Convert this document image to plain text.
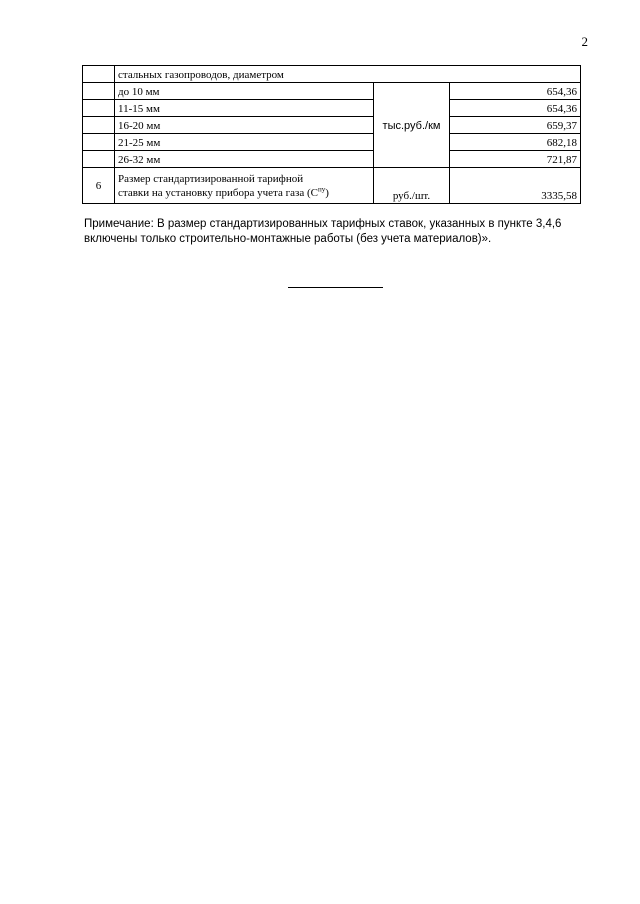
2
	стальных газопроводов, диаметром		
	до 10 мм	тыс.руб./км	654,36
	11-15 мм		654,36
	16-20 мм		659,37
	21-25 мм		682,18
	26-32 мм		721,87
6	Размер стандартизированной тарифной
ставки на установку прибора учета газа $(С^{пу})$	руб./шт.	3335,58
Примечание: В размер стандартизированных тарифных ставок, указанных в пункте 3,4,6 включены только строительно-монтажные работы (без учета материалов)».
